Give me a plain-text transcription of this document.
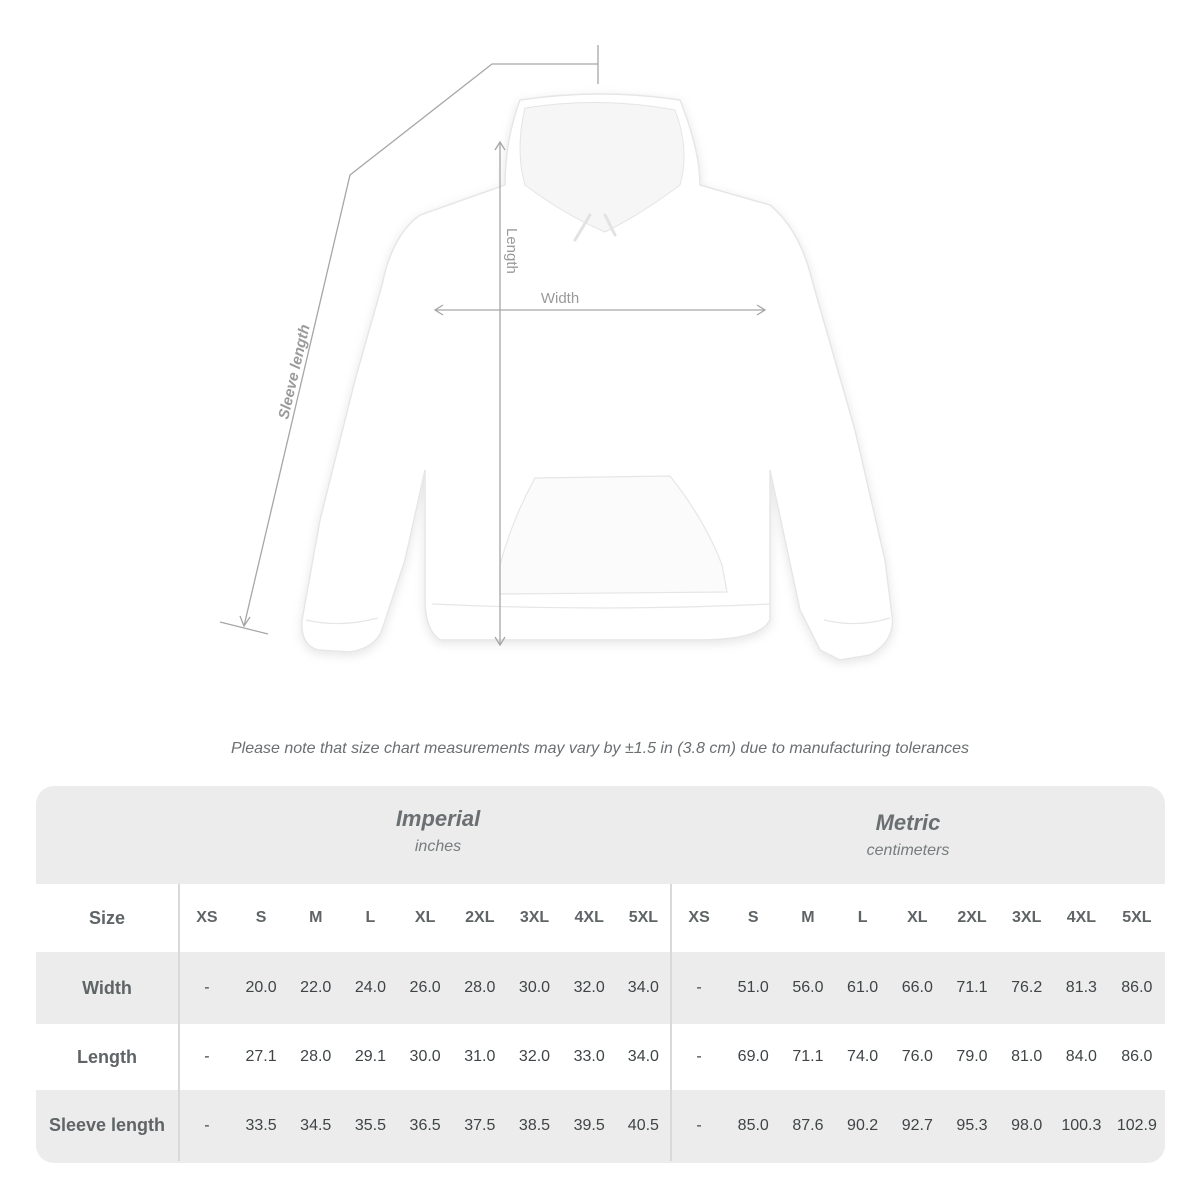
Length
Width
Sleeve length
Please note that size chart measurements may vary by ±1.5 in (3.8 cm) due to manufacturing tolerances
Imperial
inches
Metric
centimeters
Size	XS	S	M	L	XL	2XL	3XL	4XL	5XL	XS	S	M	L	XL	2XL	3XL	4XL	5XL
Width	-	20.0	22.0	24.0	26.0	28.0	30.0	32.0	34.0	-	51.0	56.0	61.0	66.0	71.1	76.2	81.3	86.0
Length	-	27.1	28.0	29.1	30.0	31.0	32.0	33.0	34.0	-	69.0	71.1	74.0	76.0	79.0	81.0	84.0	86.0
Sleeve length	-	33.5	34.5	35.5	36.5	37.5	38.5	39.5	40.5	-	85.0	87.6	90.2	92.7	95.3	98.0	100.3	102.9
